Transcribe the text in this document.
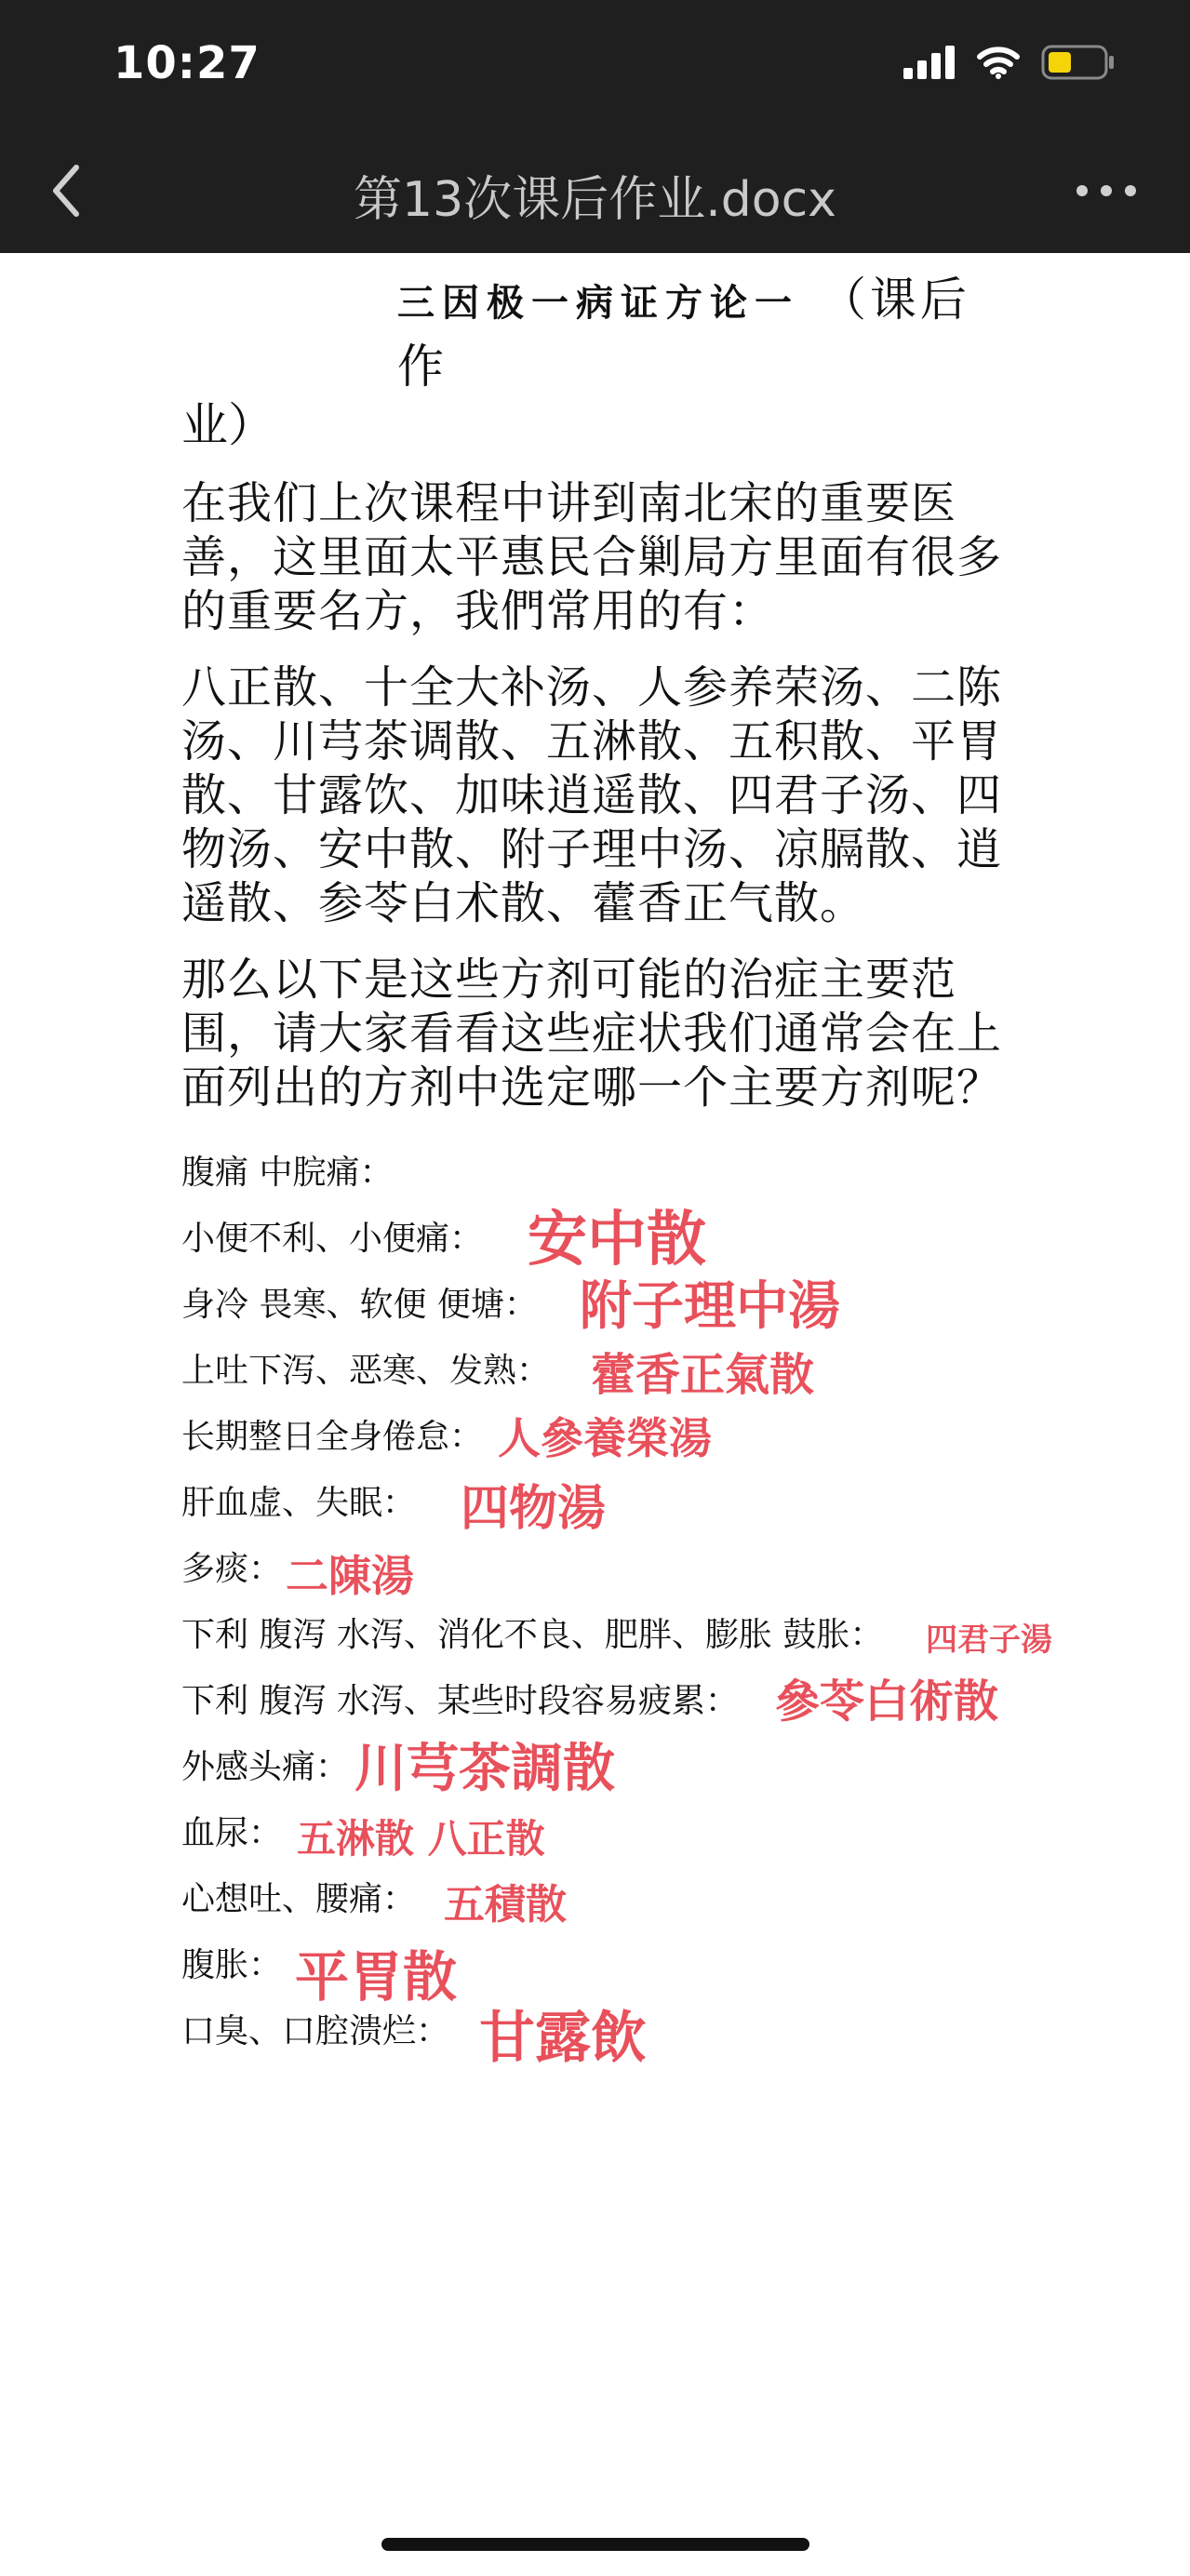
10:27
第13次课后作业.docx
三因极一病证方论一 （课后作
业）
在我们上次课程中讲到南北宋的重要医善，这里面太平惠民合剿局方里面有很多的重要名方，我們常用的有：
八正散、十全大补汤、人参养荣汤、二陈汤、川芎茶调散、五淋散、五积散、平胃散、甘露饮、加味逍遥散、四君子汤、四物汤、安中散、附子理中汤、凉膈散、逍遥散、参苓白术散、藿香正气散。
那么以下是这些方剂可能的治症主要范围，请大家看看这些症状我们通常会在上面列出的方剂中选定哪一个主要方剂呢？
腹痛 中脘痛：
小便不利、小便痛： 安中散
身冷 畏寒、软便 便塘： 附子理中湯
上吐下泻、恶寒、发熟： 藿香正氣散
长期整日全身倦怠： 人參養榮湯
肝血虚、失眠： 四物湯
多痰： 二陳湯
下利 腹泻 水泻、消化不良、肥胖、膨胀 鼓胀： 四君子湯
下利 腹泻 水泻、某些时段容易疲累： 參苓白術散
外感头痛： 川芎茶調散
血尿： 五淋散 八正散
心想吐、腰痛： 五積散
腹胀： 平胃散
口臭、口腔溃烂： 甘露飲
